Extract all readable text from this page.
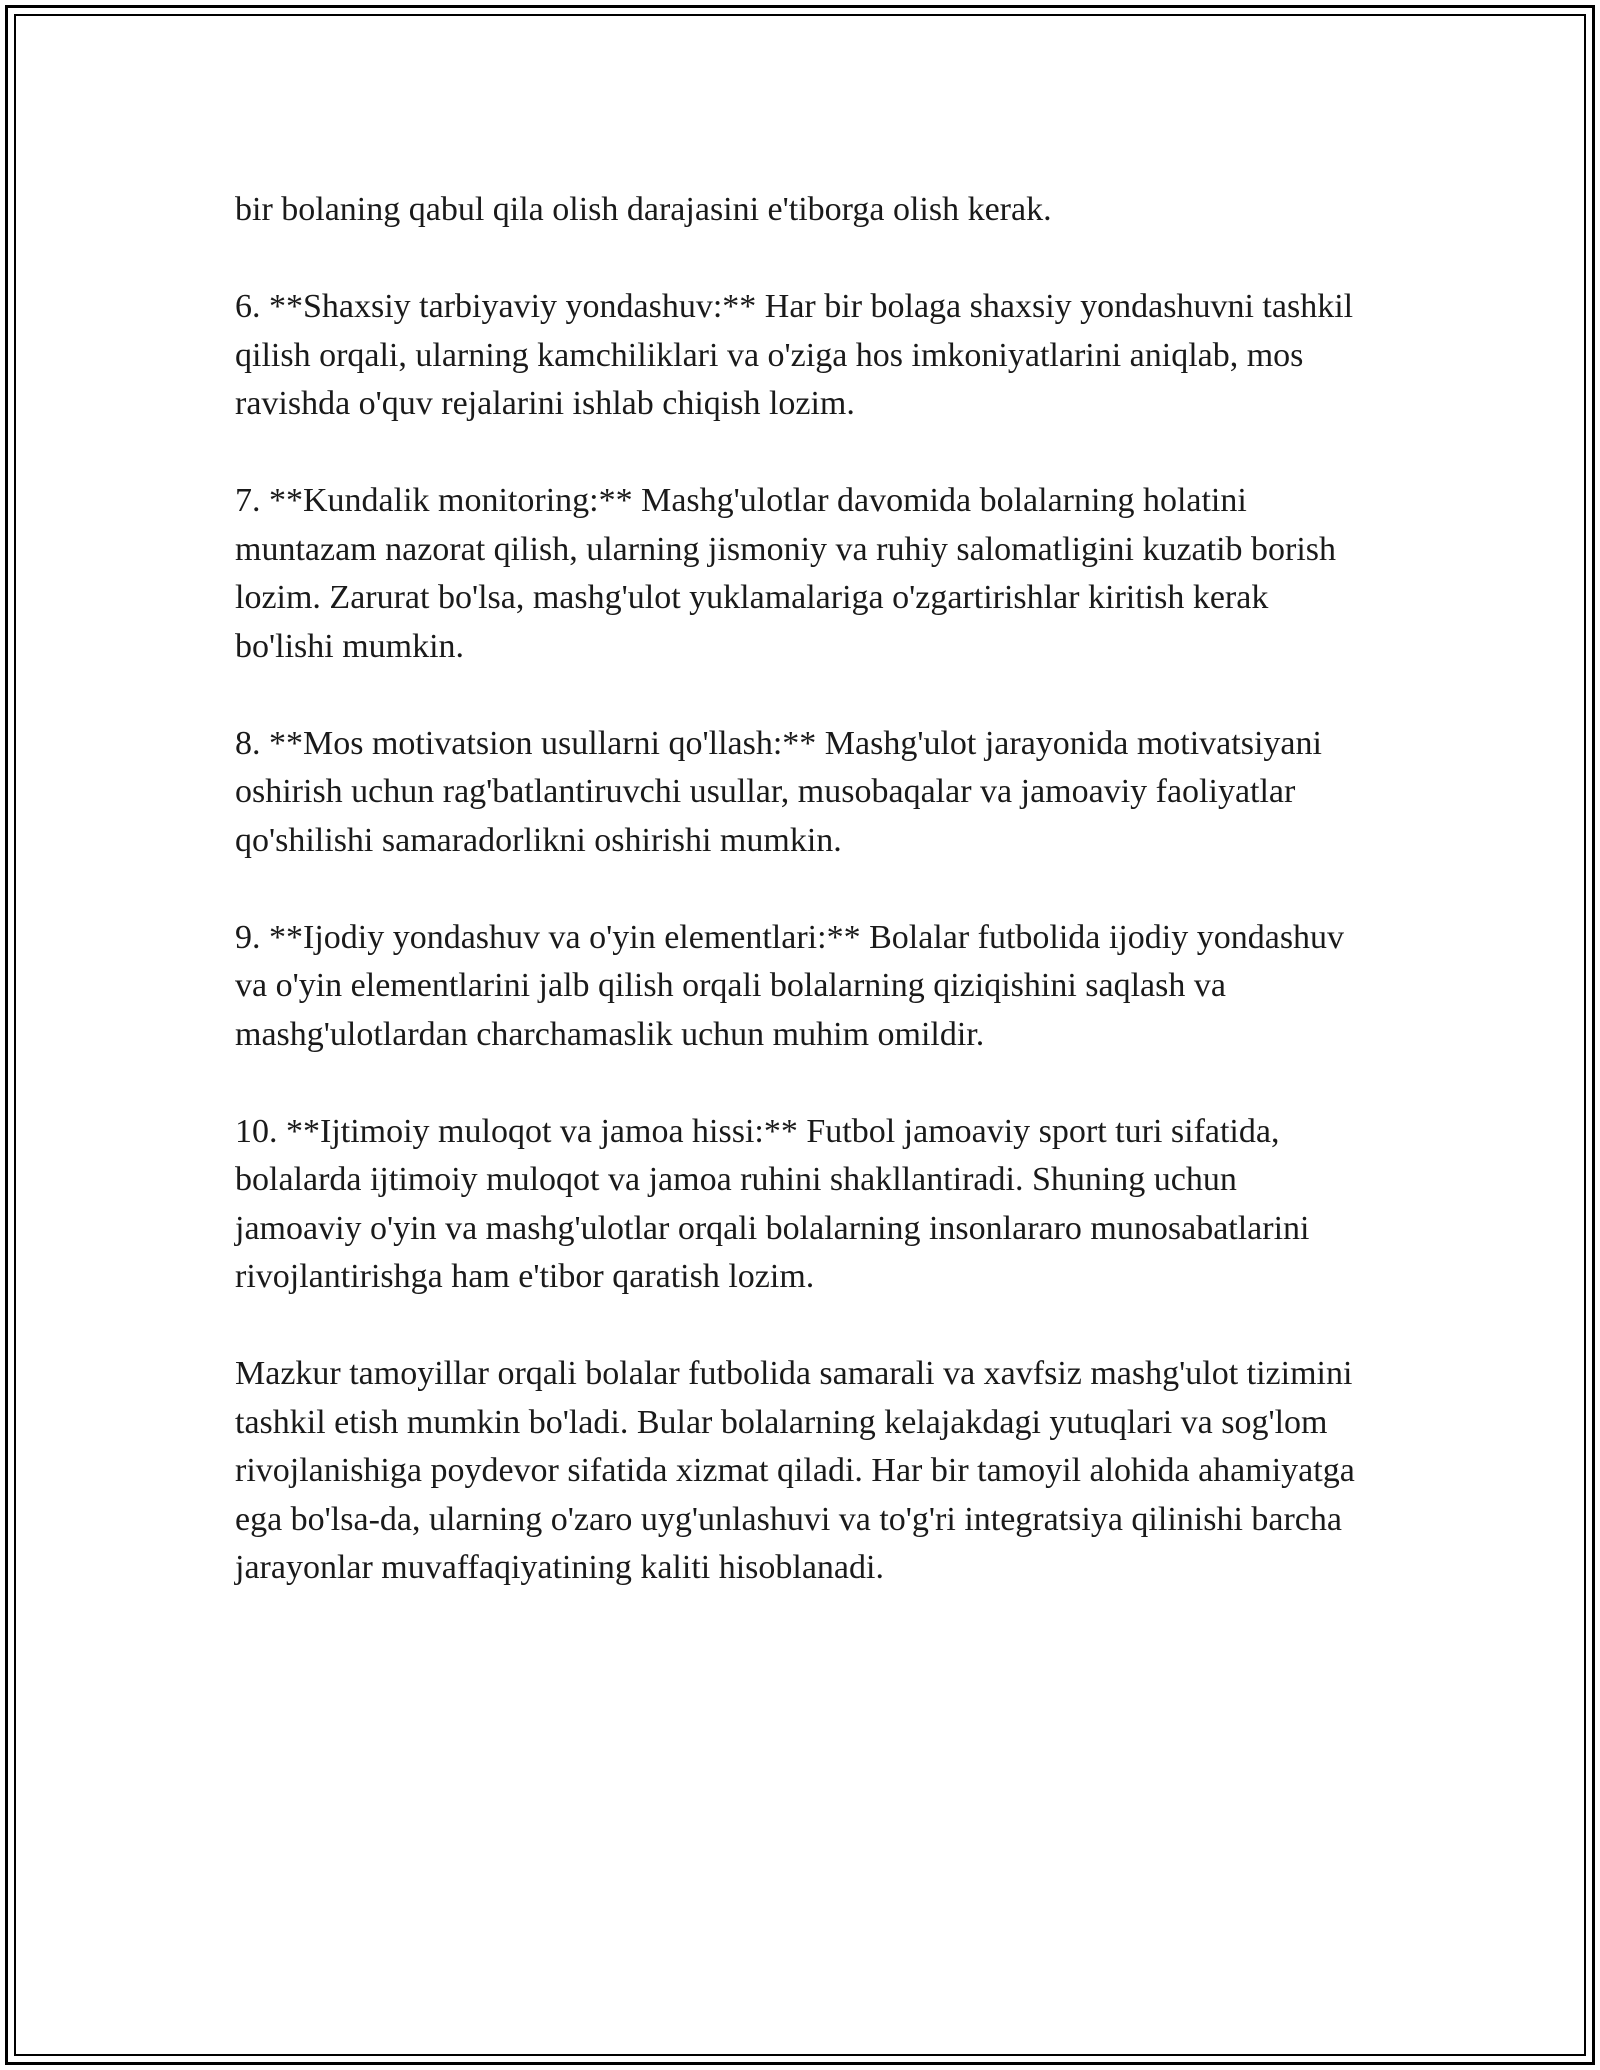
bir bolaning qabul qila olish darajasini e'tiborga olish kerak.

6. **Shaxsiy tarbiyaviy yondashuv:** Har bir bolaga shaxsiy yondashuvni tashkil qilish orqali, ularning kamchiliklari va o'ziga hos imkoniyatlarini aniqlab, mos ravishda o'quv rejalarini ishlab chiqish lozim.

7. **Kundalik monitoring:** Mashg'ulotlar davomida bolalarning holatini muntazam nazorat qilish, ularning jismoniy va ruhiy salomatligini kuzatib borish lozim. Zarurat bo'lsa, mashg'ulot yuklamalariga o'zgartirishlar kiritish kerak bo'lishi mumkin.

8. **Mos motivatsion usullarni qo'llash:** Mashg'ulot jarayonida motivatsiyani oshirish uchun rag'batlantiruvchi usullar, musobaqalar va jamoaviy faoliyatlar qo'shilishi samaradorlikni oshirishi mumkin.

9. **Ijodiy yondashuv va o'yin elementlari:** Bolalar futbolida ijodiy yondashuv va o'yin elementlarini jalb qilish orqali bolalarning qiziqishini saqlash va mashg'ulotlardan charchamaslik uchun muhim omildir.

10. **Ijtimoiy muloqot va jamoa hissi:** Futbol jamoaviy sport turi sifatida, bolalarda ijtimoiy muloqot va jamoa ruhini shakllantiradi. Shuning uchun jamoaviy o'yin va mashg'ulotlar orqali bolalarning insonlararo munosabatlarini rivojlantirishga ham e'tibor qaratish lozim.

Mazkur tamoyillar orqali bolalar futbolida samarali va xavfsiz mashg'ulot tizimini tashkil etish mumkin bo'ladi. Bular bolalarning kelajakdagi yutuqlari va sog'lom rivojlanishiga poydevor sifatida xizmat qiladi. Har bir tamoyil alohida ahamiyatga ega bo'lsa-da, ularning o'zaro uyg'unlashuvi va to'g'ri integratsiya qilinishi barcha jarayonlar muvaffaqiyatining kaliti hisoblanadi.
